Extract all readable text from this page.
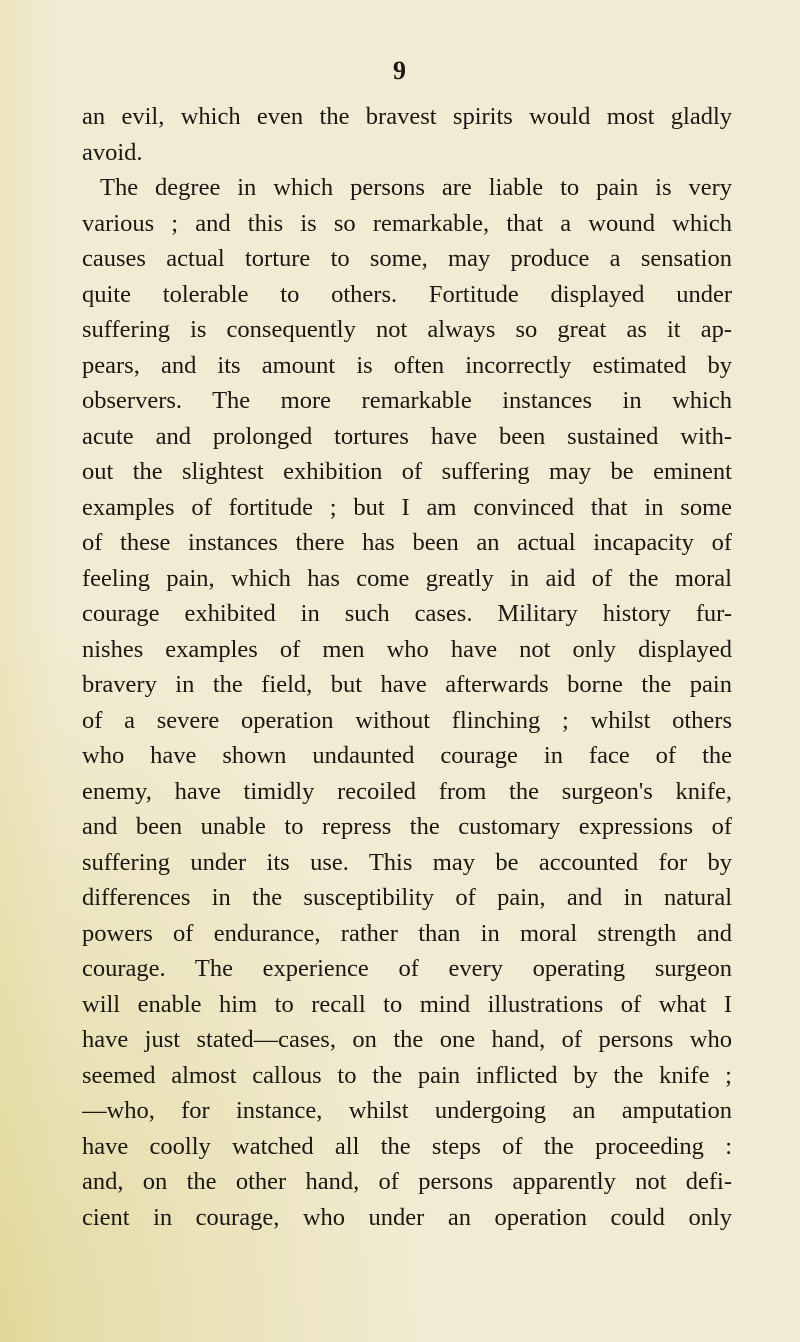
9
an evil, which even the bravest spirits would most gladly
avoid.
The degree in which persons are liable to pain is very
various ; and this is so remarkable, that a wound which
causes actual torture to some, may produce a sensation
quite tolerable to others. Fortitude displayed under
suffering is consequently not always so great as it ap-
pears, and its amount is often incorrectly estimated by
observers. The more remarkable instances in which
acute and prolonged tortures have been sustained with-
out the slightest exhibition of suffering may be eminent
examples of fortitude ; but I am convinced that in some
of these instances there has been an actual incapacity of
feeling pain, which has come greatly in aid of the moral
courage exhibited in such cases. Military history fur-
nishes examples of men who have not only displayed
bravery in the field, but have afterwards borne the pain
of a severe operation without flinching ; whilst others
who have shown undaunted courage in face of the
enemy, have timidly recoiled from the surgeon's knife,
and been unable to repress the customary expressions of
suffering under its use. This may be accounted for by
differences in the susceptibility of pain, and in natural
powers of endurance, rather than in moral strength and
courage. The experience of every operating surgeon
will enable him to recall to mind illustrations of what I
have just stated—cases, on the one hand, of persons who
seemed almost callous to the pain inflicted by the knife ;
—who, for instance, whilst undergoing an amputation
have coolly watched all the steps of the proceeding :
and, on the other hand, of persons apparently not defi-
cient in courage, who under an operation could only
